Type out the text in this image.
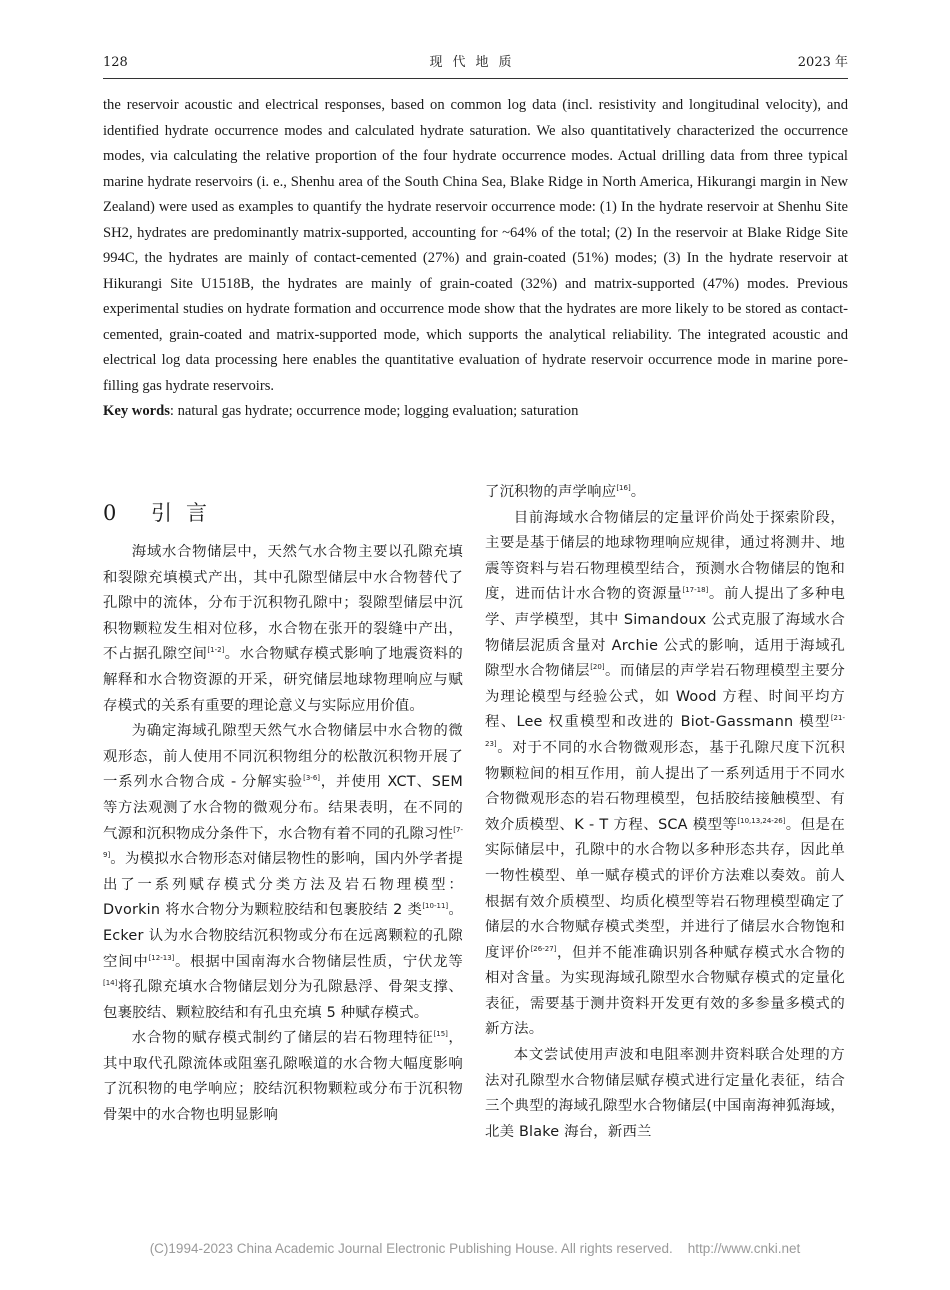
128	现代地质	2023 年

the reservoir acoustic and electrical responses, based on common log data (incl. resistivity and longitudinal velocity), and identified hydrate occurrence modes and calculated hydrate saturation. We also quantitatively characterized the occurrence modes, via calculating the relative proportion of the four hydrate occurrence modes. Actual drilling data from three typical marine hydrate reservoirs (i. e., Shenhu area of the South China Sea, Blake Ridge in North America, Hikurangi margin in New Zealand) were used as examples to quantify the hydrate reservoir occurrence mode: (1) In the hydrate reservoir at Shenhu Site SH2, hydrates are predominantly matrix-supported, accounting for ~64% of the total; (2) In the reservoir at Blake Ridge Site 994C, the hydrates are mainly of contact-cemented (27%) and grain-coated (51%) modes; (3) In the hydrate reservoir at Hikurangi Site U1518B, the hydrates are mainly of grain-coated (32%) and matrix-supported (47%) modes. Previous experimental studies on hydrate formation and occurrence mode show that the hydrates are more likely to be stored as contact-cemented, grain-coated and matrix-supported mode, which supports the analytical reliability. The integrated acoustic and electrical log data processing here enables the quantitative evaluation of hydrate reservoir occurrence mode in marine pore-filling gas hydrate reservoirs.

Key words: natural gas hydrate; occurrence mode; logging evaluation; saturation

0 引言

海域水合物储层中，天然气水合物主要以孔隙充填和裂隙充填模式产出，其中孔隙型储层中水合物替代了孔隙中的流体，分布于沉积物孔隙中；裂隙型储层中沉积物颗粒发生相对位移，水合物在张开的裂缝中产出，不占据孔隙空间[1-2]。水合物赋存模式影响了地震资料的解释和水合物资源的开采，研究储层地球物理响应与赋存模式的关系有重要的理论意义与实际应用价值。

为确定海域孔隙型天然气水合物储层中水合物的微观形态，前人使用不同沉积物组分的松散沉积物开展了一系列水合物合成 - 分解实验[3-6]，并使用 XCT、SEM 等方法观测了水合物的微观分布。结果表明，在不同的气源和沉积物成分条件下，水合物有着不同的孔隙习性[7-9]。为模拟水合物形态对储层物性的影响，国内外学者提出了一系列赋存模式分类方法及岩石物理模型：Dvorkin 将水合物分为颗粒胶结和包裹胶结 2 类[10-11]。Ecker 认为水合物胶结沉积物或分布在远离颗粒的孔隙空间中[12-13]。根据中国南海水合物储层性质，宁伏龙等[14]将孔隙充填水合物储层划分为孔隙悬浮、骨架支撑、包裹胶结、颗粒胶结和有孔虫充填 5 种赋存模式。

水合物的赋存模式制约了储层的岩石物理特征[15]，其中取代孔隙流体或阻塞孔隙喉道的水合物大幅度影响了沉积物的电学响应；胶结沉积物颗粒或分布于沉积物骨架中的水合物也明显影响

了沉积物的声学响应[16]。

目前海域水合物储层的定量评价尚处于探索阶段，主要是基于储层的地球物理响应规律，通过将测井、地震等资料与岩石物理模型结合，预测水合物储层的饱和度，进而估计水合物的资源量[17-18]。前人提出了多种电学、声学模型，其中 Simandoux 公式克服了海域水合物储层泥质含量对 Archie 公式的影响，适用于海域孔隙型水合物储层[20]。而储层的声学岩石物理模型主要分为理论模型与经验公式，如 Wood 方程、时间平均方程、Lee 权重模型和改进的 Biot-Gassmann 模型[21-23]。对于不同的水合物微观形态，基于孔隙尺度下沉积物颗粒间的相互作用，前人提出了一系列适用于不同水合物微观形态的岩石物理模型，包括胶结接触模型、有效介质模型、K - T 方程、SCA 模型等[10,13,24-26]。但是在实际储层中，孔隙中的水合物以多种形态共存，因此单一物性模型、单一赋存模式的评价方法难以奏效。前人根据有效介质模型、均质化模型等岩石物理模型确定了储层的水合物赋存模式类型，并进行了储层水合物饱和度评价[26-27]，但并不能准确识别各种赋存模式水合物的相对含量。为实现海域孔隙型水合物赋存模式的定量化表征，需要基于测井资料开发更有效的多参量多模式的新方法。

本文尝试使用声波和电阻率测井资料联合处理的方法对孔隙型水合物储层赋存模式进行定量化表征，结合三个典型的海域孔隙型水合物储层(中国南海神狐海域，北美 Blake 海台，新西兰

(C)1994-2023 China Academic Journal Electronic Publishing House. All rights reserved. http://www.cnki.net
